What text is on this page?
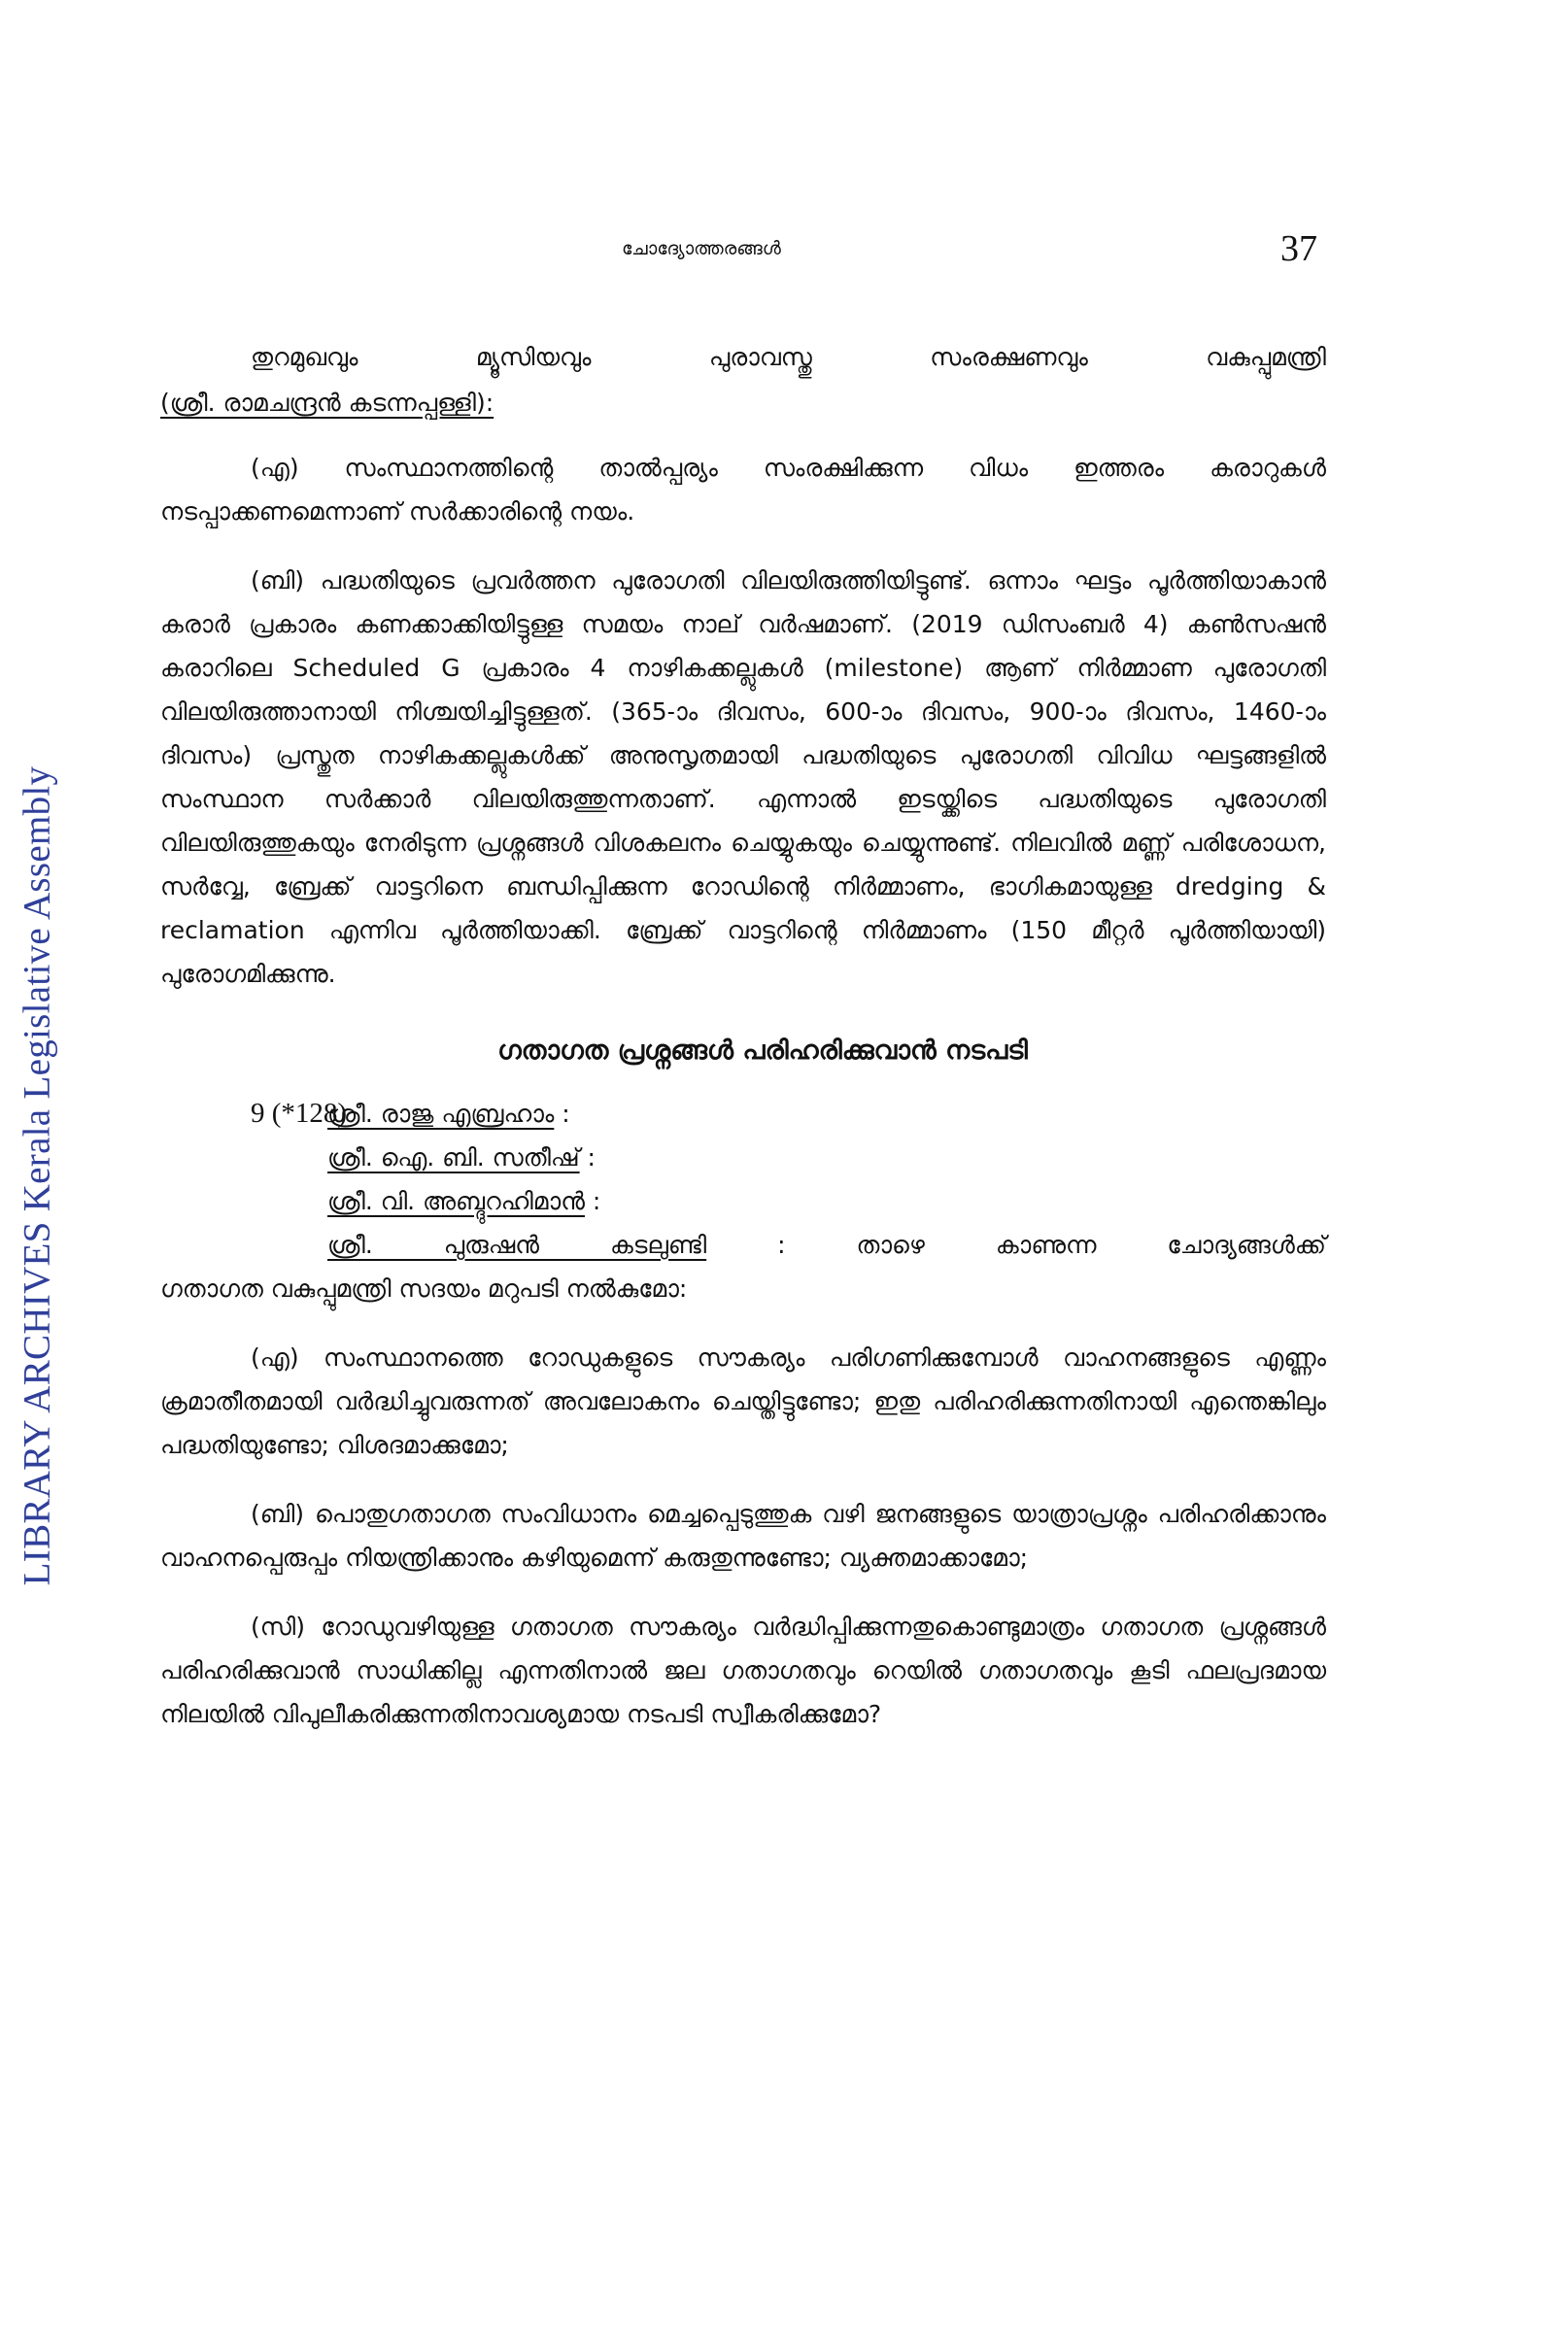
LIBRARY ARCHIVES Kerala Legislative Assembly
ചോദ്യോത്തരങ്ങൾ	37
തുറമുഖവും	മ്യൂസിയവും	പുരാവസ്തു	സംരക്ഷണവും	വകുപ്പുമന്ത്രി
(ശ്രീ. രാമചന്ദ്രൻ കടന്നപ്പള്ളി):

(എ) സംസ്ഥാനത്തിന്റെ താൽപ്പര്യം സംരക്ഷിക്കുന്ന വിധം ഇത്തരം കരാറുകൾ നടപ്പാക്കണമെന്നാണ് സർക്കാരിന്റെ നയം.

(ബി) പദ്ധതിയുടെ പ്രവർത്തന പുരോഗതി വിലയിരുത്തിയിട്ടുണ്ട്. ഒന്നാം ഘട്ടം പൂർത്തിയാകാൻ കരാർ പ്രകാരം കണക്കാക്കിയിട്ടുള്ള സമയം നാല് വർഷമാണ്. (2019 ഡിസംബർ 4) കൺസഷൻ കരാറിലെ Scheduled G പ്രകാരം 4 നാഴികക്കല്ലുകൾ (milestone) ആണ് നിർമ്മാണ പുരോഗതി വിലയിരുത്താനായി നിശ്ചയിച്ചിട്ടുള്ളത്. (365-ാം ദിവസം, 600-ാം ദിവസം, 900-ാം ദിവസം, 1460-ാം ദിവസം) പ്രസ്തുത നാഴികക്കല്ലുകൾക്ക് അനുസൃതമായി പദ്ധതിയുടെ പുരോഗതി വിവിധ ഘട്ടങ്ങളിൽ സംസ്ഥാന സർക്കാർ വിലയിരുത്തുന്നതാണ്. എന്നാൽ ഇടയ്ക്കിടെ പദ്ധതിയുടെ പുരോഗതി വിലയിരുത്തുകയും നേരിടുന്ന പ്രശ്നങ്ങൾ വിശകലനം ചെയ്യുകയും ചെയ്യുന്നുണ്ട്. നിലവിൽ മണ്ണ് പരിശോധന, സർവ്വേ, ബ്രേക്ക് വാട്ടറിനെ ബന്ധിപ്പിക്കുന്ന റോഡിന്റെ നിർമ്മാണം, ഭാഗികമായുള്ള dredging & reclamation എന്നിവ പൂർത്തിയാക്കി. ബ്രേക്ക് വാട്ടറിന്റെ നിർമ്മാണം (150 മീറ്റർ പൂർത്തിയായി) പുരോഗമിക്കുന്നു.

ഗതാഗത പ്രശ്നങ്ങൾ പരിഹരിക്കുവാൻ നടപടി
9 (*128)
ശ്രീ. രാജു എബ്രഹാം :
ശ്രീ. ഐ. ബി. സതീഷ് :
ശ്രീ. വി. അബ്ദുറഹിമാൻ :
ശ്രീ. പുരുഷൻ കടലുണ്ടി :	താഴെ കാണുന്ന ചോദ്യങ്ങൾക്ക്
ഗതാഗത വകുപ്പുമന്ത്രി സദയം മറുപടി നൽകുമോ:

(എ) സംസ്ഥാനത്തെ റോഡുകളുടെ സൗകര്യം പരിഗണിക്കുമ്പോൾ വാഹനങ്ങളുടെ എണ്ണം ക്രമാതീതമായി വർദ്ധിച്ചുവരുന്നത് അവലോകനം ചെയ്തിട്ടുണ്ടോ; ഇതു പരിഹരിക്കുന്നതിനായി എന്തെങ്കിലും പദ്ധതിയുണ്ടോ; വിശദമാക്കുമോ;

(ബി) പൊതുഗതാഗത സംവിധാനം മെച്ചപ്പെടുത്തുക വഴി ജനങ്ങളുടെ യാത്രാപ്രശ്നം പരിഹരിക്കാനും വാഹനപ്പെരുപ്പം നിയന്ത്രിക്കാനും കഴിയുമെന്ന് കരുതുന്നുണ്ടോ; വ്യക്തമാക്കാമോ;

(സി) റോഡുവഴിയുള്ള ഗതാഗത സൗകര്യം വർദ്ധിപ്പിക്കുന്നതുകൊണ്ടുമാത്രം ഗതാഗത പ്രശ്നങ്ങൾ പരിഹരിക്കുവാൻ സാധിക്കില്ല എന്നതിനാൽ ജല ഗതാഗതവും റെയിൽ ഗതാഗതവും കൂടി ഫലപ്രദമായ നിലയിൽ വിപുലീകരിക്കുന്നതിനാവശ്യമായ നടപടി സ്വീകരിക്കുമോ?
